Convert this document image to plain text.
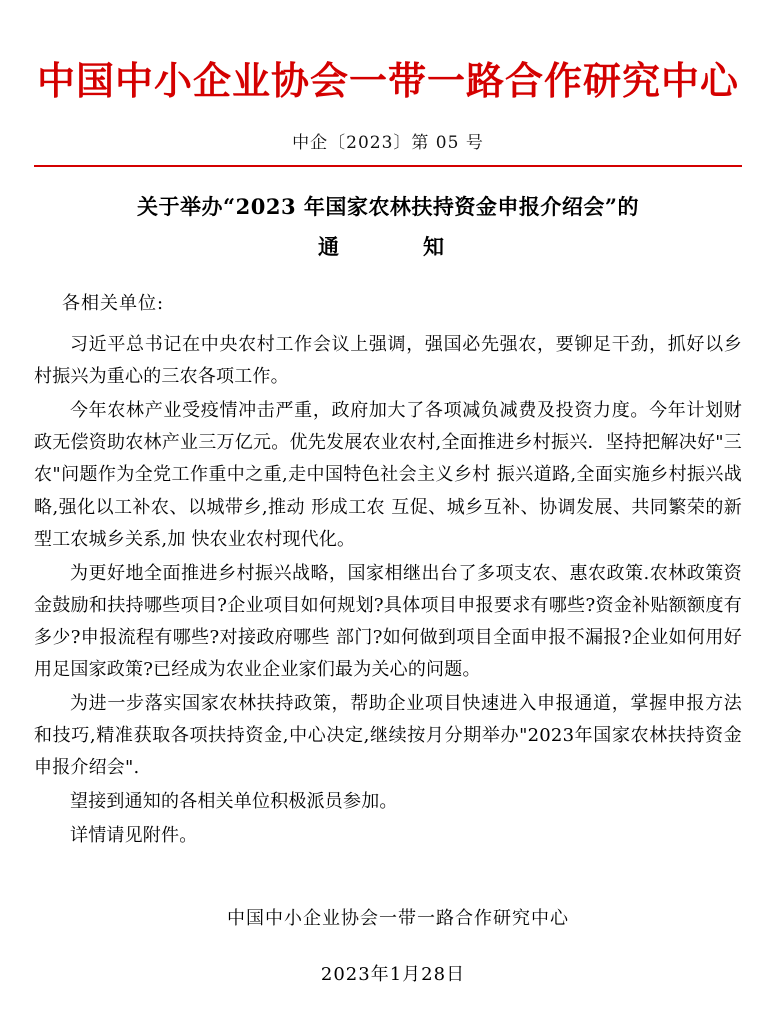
中国中小企业协会一带一路合作研究中心
中企〔2023〕第 05 号
关于举办“2023 年国家农林扶持资金申报介绍会”的
通　　知
各相关单位:

习近平总书记在中央农村工作会议上强调，强国必先强农，要铆足干劲，抓好以乡村振兴为重心的三农各项工作。

今年农林产业受疫情冲击严重，政府加大了各项减负减费及投资力度。今年计划财政无偿资助农林产业三万亿元。优先发展农业农村,全面推进乡村振兴．坚持把解决好"三农"问题作为全党工作重中之重,走中国特色社会主义乡村 振兴道路,全面实施乡村振兴战略,强化以工补农、以城带乡,推动 形成工农 互促、城乡互补、协调发展、共同繁荣的新型工农城乡关系,加 快农业农村现代化。

为更好地全面推进乡村振兴战略，国家相继出台了多项支农、惠农政策.农林政策资金鼓励和扶持哪些项目?企业项目如何规划?具体项目申报要求有哪些?资金补贴额额度有多少?申报流程有哪些?对接政府哪些 部门?如何做到项目全面申报不漏报?企业如何用好用足国家政策?已经成为农业企业家们最为关心的问题。

为进一步落实国家农林扶持政策，帮助企业项目快速进入申报通道，掌握申报方法和技巧,精准获取各项扶持资金,中心决定,继续按月分期举办"2023年国家农林扶持资金申报介绍会".

望接到通知的各相关单位积极派员参加。

详情请见附件。

中国中小企业协会一带一路合作研究中心
2023年1月28日
